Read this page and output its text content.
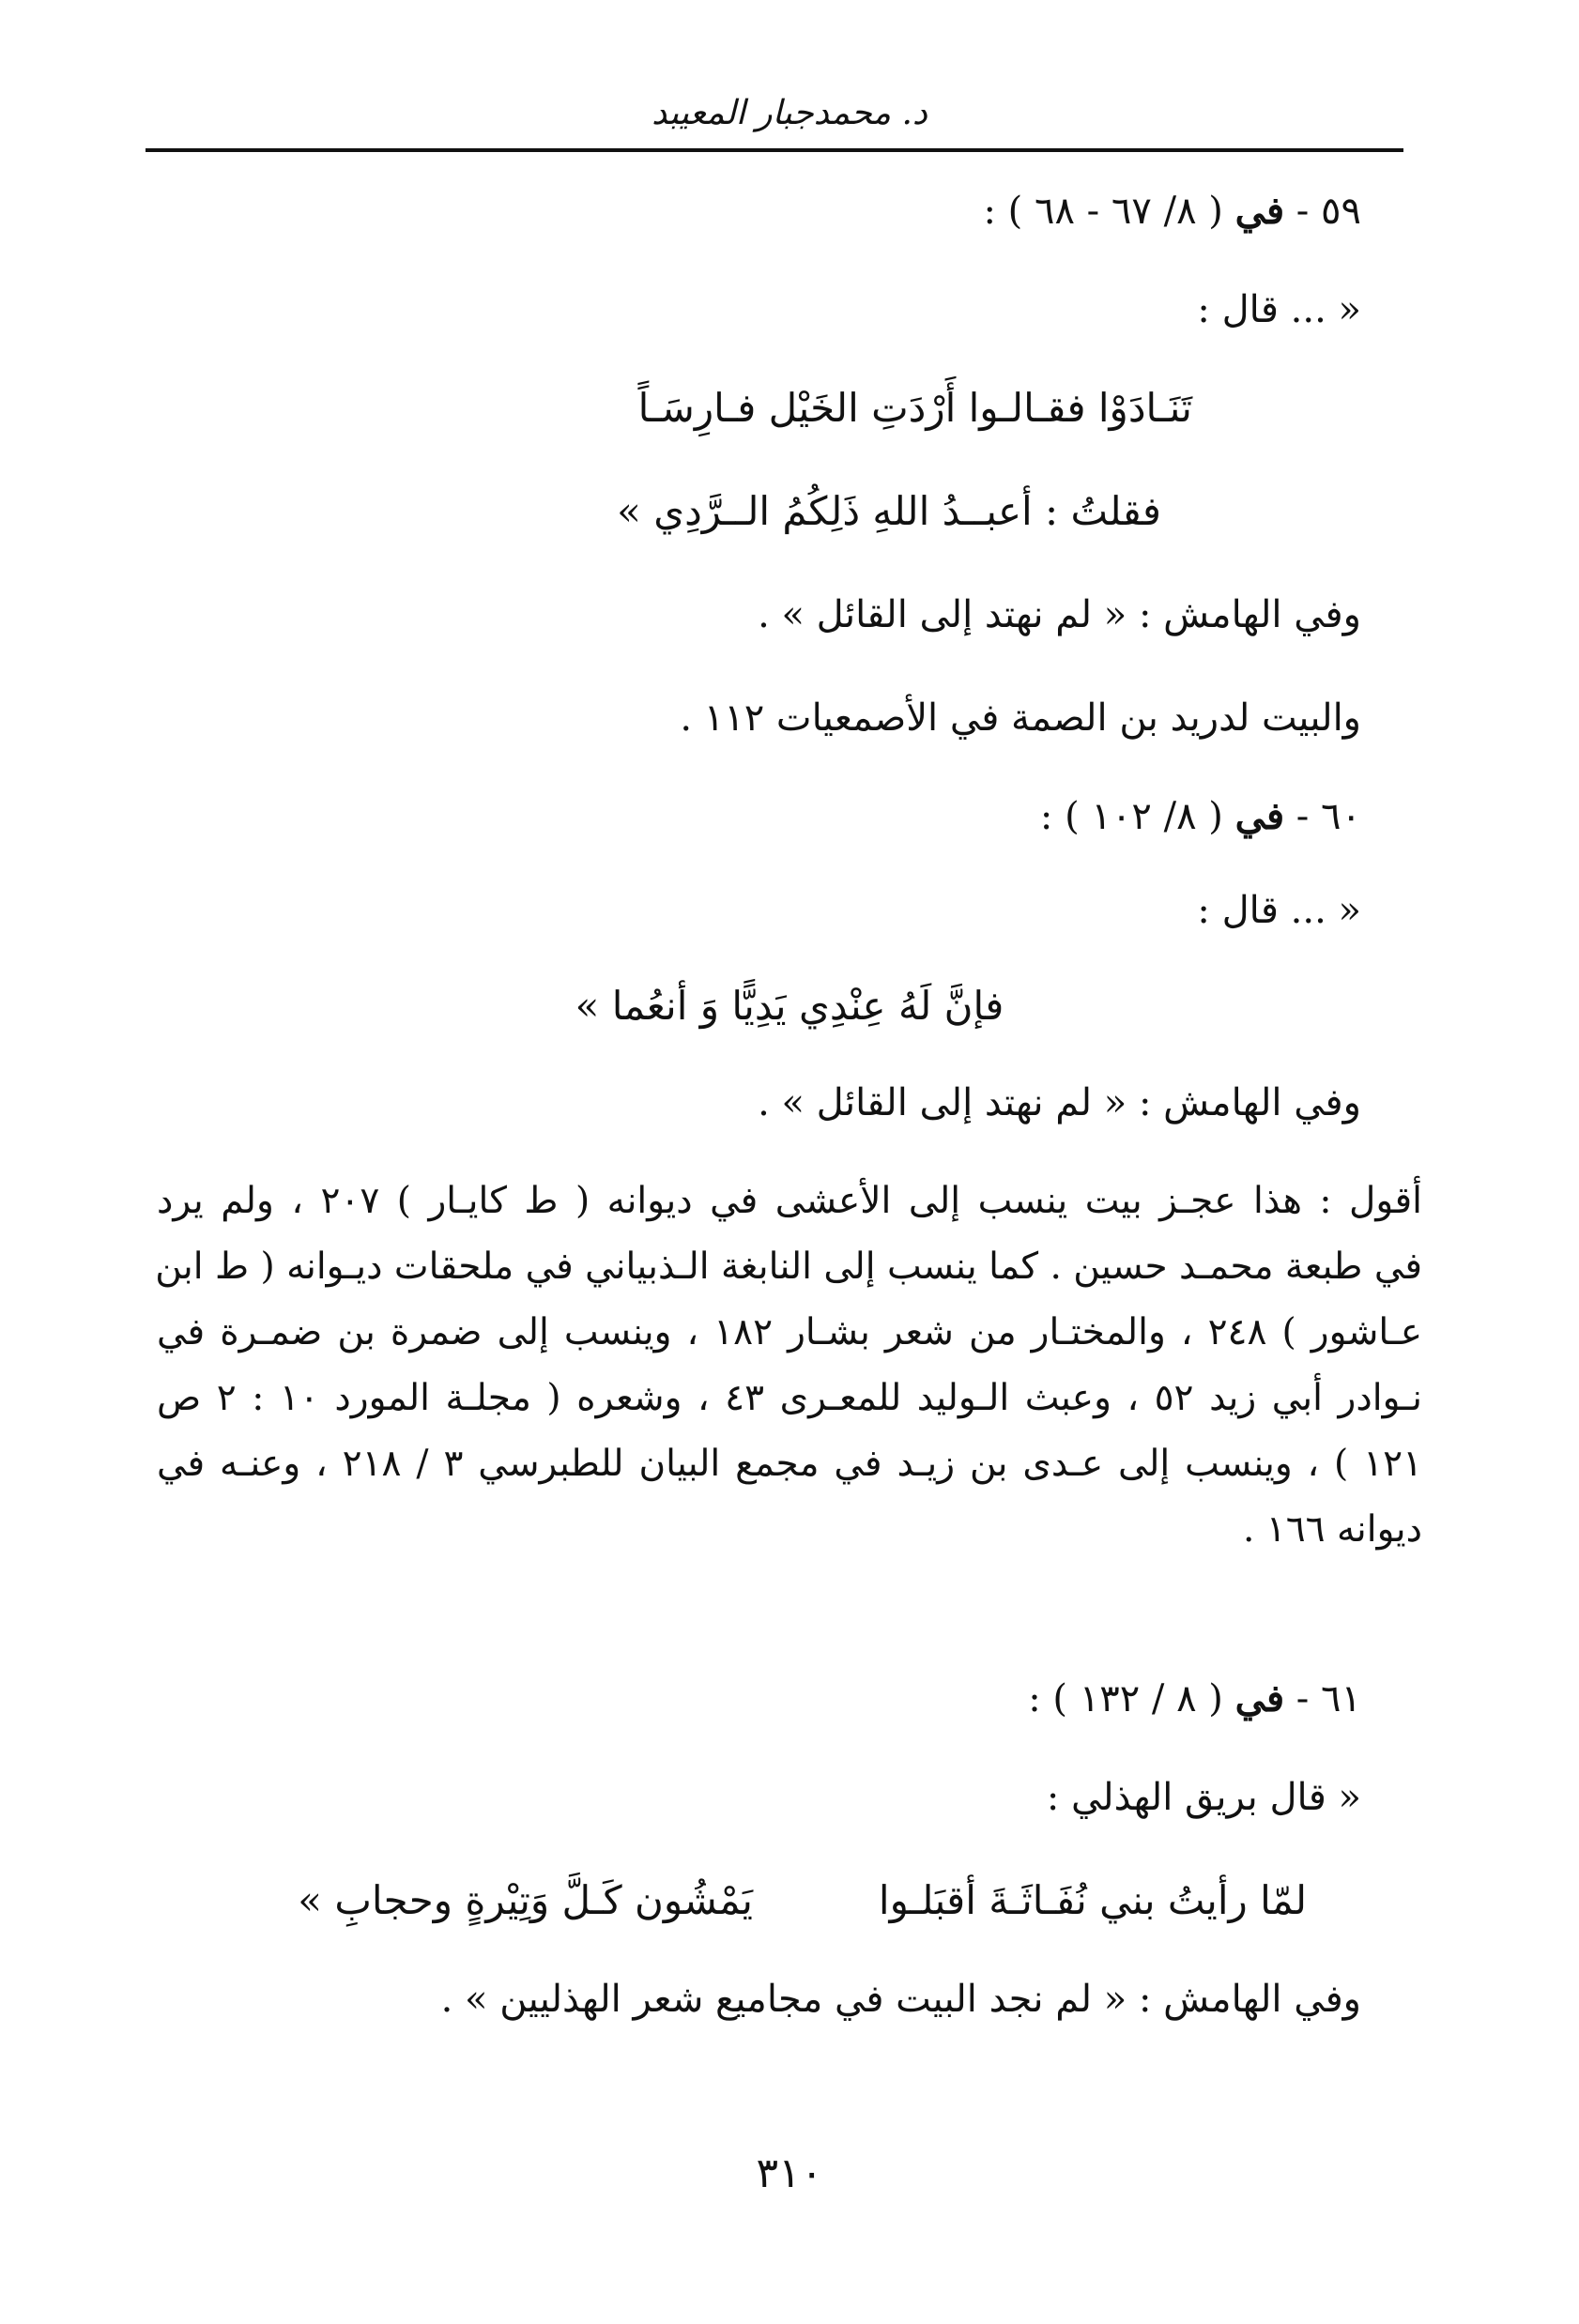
د. محمدجبار المعيبد
٥٩ - في ( ٨/ ٦٧ - ٦٨ ) :
« ... قال :
تَنَـادَوْا فقـالـوا أَرْدَتِ الخَيْل فـارِسَـاً
فقلتُ : أعبــدُ اللهِ ذَلِكُمُ الــرَّدِي »
وفي الهامش : « لم نهتد إلى القائل » .
والبيت لدريد بن الصمة في الأصمعيات ١١٢ .
٦٠ - في ( ٨/ ١٠٢ ) :
« ... قال :
فإنَّ لَهُ عِنْدِي يَدِيًّا وَ أنعُما »
وفي الهامش : « لم نهتد إلى القائل » .
أقول : هذا عجـز بيت ينسب إلى الأعشى في ديوانه ( ط كايـار ) ٢٠٧ ، ولم يرد
في طبعة محمـد حسين . كما ينسب إلى النابغة الـذبياني في ملحقات ديـوانه ( ط ابن
عـاشور ) ٢٤٨ ، والمختـار من شعر بشـار ١٨٢ ، وينسب إلى ضمرة بن ضمـرة في
نـوادر أبي زيد ٥٢ ، وعبث الـوليد للمعـرى ٤٣ ، وشعره ( مجلـة المورد ١٠ : ٢ ص
١٢١ ) ، وينسب إلى عـدى بن زيـد في مجمع البيان للطبرسي ٣ / ٢١٨ ، وعنـه في
ديوانه ١٦٦ .
٦١ - في ( ٨ / ١٣٢ ) :
« قال بريق الهذلي :
لمّا رأيتُ بني نُفَـاثَـةَ أقبَلـوا
يَمْشُون كَـلَّ وَتِيْرةٍ وحجابِ »
وفي الهامش : « لم نجد البيت في مجاميع شعر الهذليين » .
٣١٠
